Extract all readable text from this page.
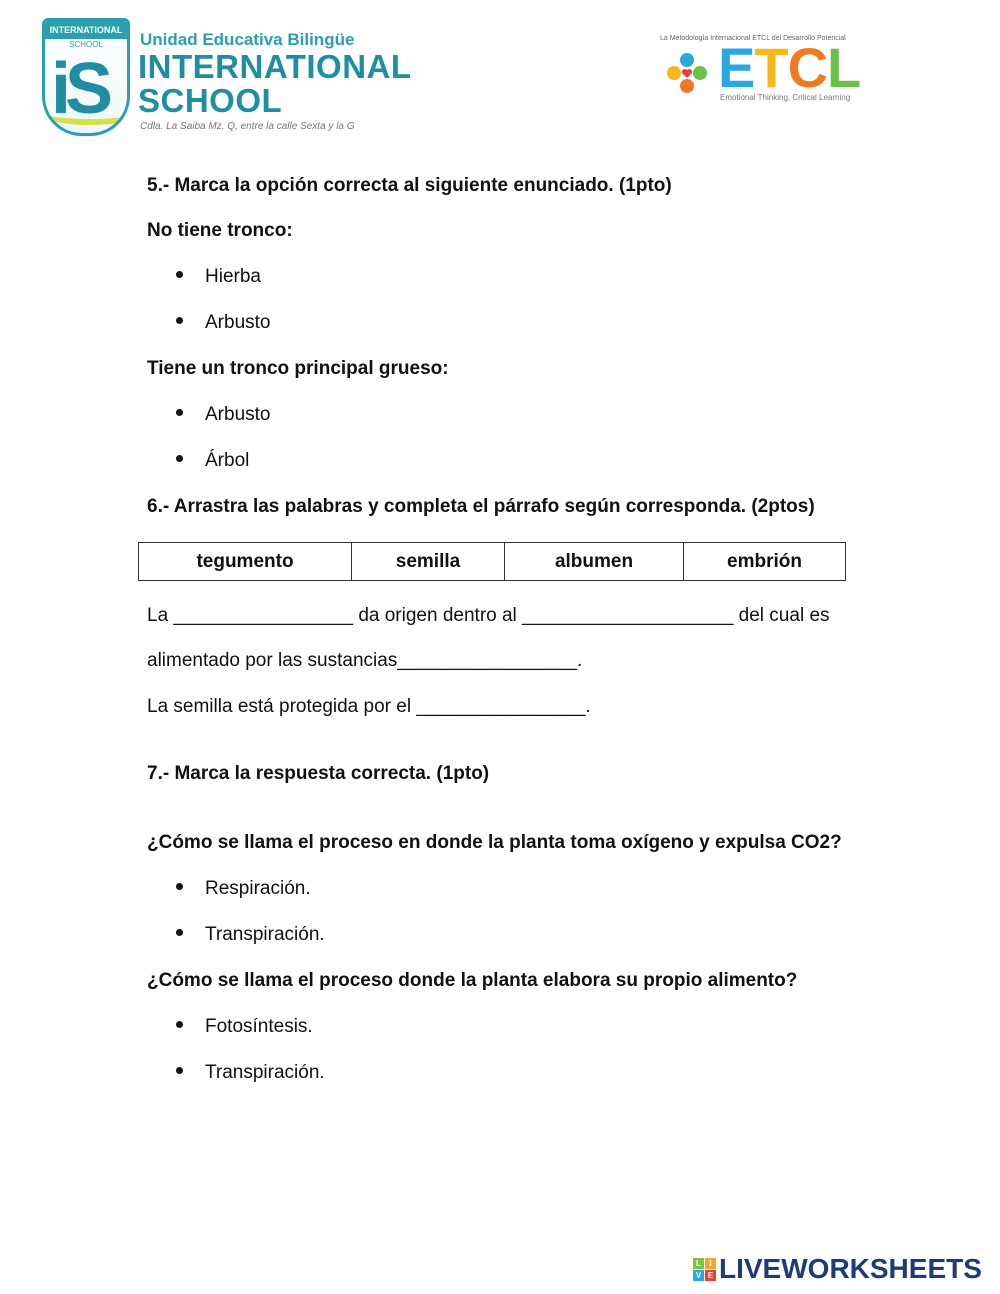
INTERNATIONAL
SCHOOL
iS
Unidad Educativa Bilingüe
INTERNATIONAL
SCHOOL
Cdla. La Saiba Mz. Q, entre la calle Sexta y la G
La Metodología Internacional ETCL del Desarrollo Potencial
ETCL
Emotional Thinking, Critical Learning
5.- Marca la opción correcta al siguiente enunciado. (1pto)
No tiene tronco:
Hierba
Arbusto
Tiene un tronco principal grueso:
Arbusto
Árbol
6.- Arrastra las palabras y completa el párrafo según corresponda. (2ptos)
tegumento	semilla	albumen	embrión
La _________________ da origen dentro al ____________________ del cual es
alimentado por las sustancias_________________.
La semilla está protegida por el ________________.
7.- Marca la respuesta correcta. (1pto)
¿Cómo se llama el proceso en donde la planta toma oxígeno y expulsa CO2?
Respiración.
Transpiración.
¿Cómo se llama el proceso donde la planta elabora su propio alimento?
Fotosíntesis.
Transpiración.
L	I
V E LIVEWORKSHEETS
